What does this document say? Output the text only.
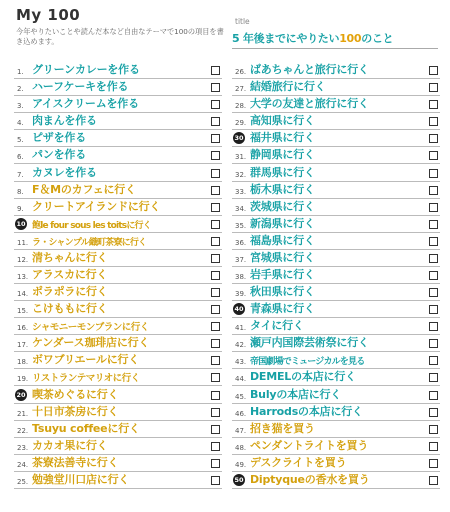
My 100
今年やりたいことや読んだ本など自由なテーマで100の項目を書き込めます。
title
5 年後までにやりたい100のこと
1. グリーンカレーを作る
2. ハーフケーキを作る
3. アイスクリームを作る
4. 肉まんを作る
5. ピザを作る
6. パンを作る
7. カヌレを作る
8. F＆Mのカフェに行く
9. クリートアイランドに行く
10 飽le four sous les toitsに行く
11. ラ・シャンプル織町茶寮に行く
12. 清ちゃんに行く
13. アラスカに行く
14. ポラポラに行く
15. こけももに行く
16. シャモニーモンブランに行く
17. ケンダース珈琲店に行く
18. ボワブリエールに行く
19. リストランテマリオに行く
20 喫茶めぐるに行く
21. 十日市茶房に行く
22. Tsuyu coffeeに行く
23. カカオ果に行く
24. 茶寮法善寺に行く
25. 勉強堂川口店に行く
26. ばあちゃんと旅行に行く
27. 結婚旅行に行く
28. 大学の友達と旅行に行く
29. 高知県に行く
30 福井県に行く
31. 静岡県に行く
32. 群馬県に行く
33. 栃木県に行く
34. 茨城県に行く
35. 新潟県に行く
36. 福島県に行く
37. 宮城県に行く
38. 岩手県に行く
39. 秋田県に行く
40 青森県に行く
41. タイに行く
42. 瀬戸内国際芸術祭に行く
43. 帝国劇場でミュージカルを見る
44. DEMELの本店に行く
45. Bulyの本店に行く
46. Harrodsの本店に行く
47. 招き猫を買う
48. ペンダントライトを買う
49. デスクライトを買う
50 Diptyqueの香水を買う
